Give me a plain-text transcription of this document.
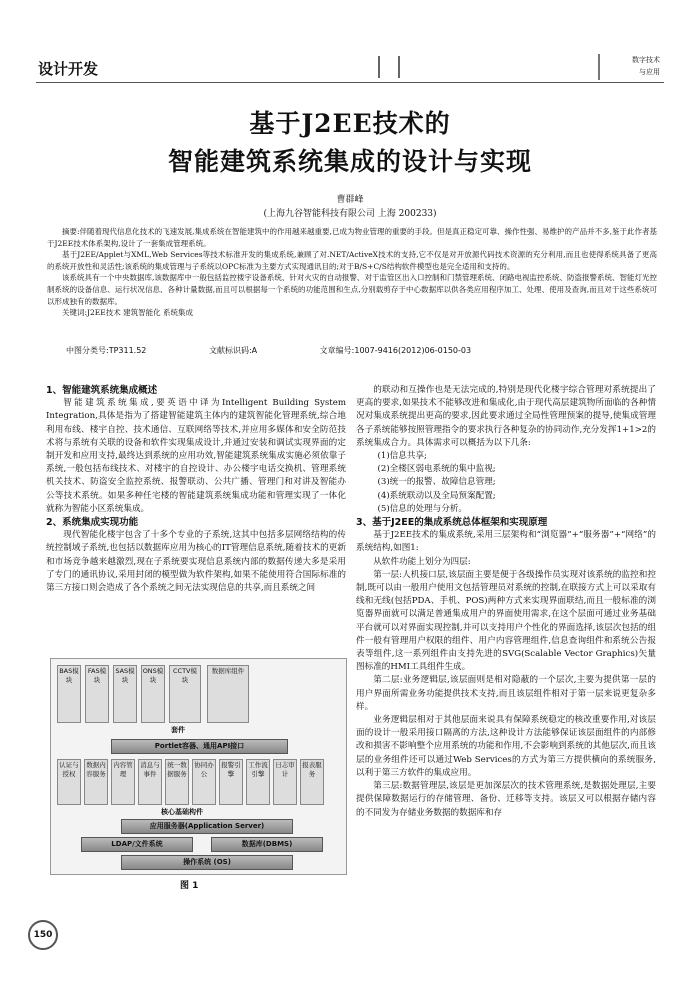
设计开发	数字技术
与应用
基于J2EE技术的
智能建筑系统集成的设计与实现
曹群峰
(上海九谷智能科技有限公司 上海 200233)

摘要:伴随着现代信息化技术的飞速发展,集成系统在智能建筑中的作用越来越重要,已成为物业管理的重要的手段。但是真正稳定可靠、操作性强、易维护的产品并不多,鉴于此作者基于J2EE技术体系架构,设计了一套集成管理系统。

基于J2EE/Applet与XML,Web Services等技术标准开发的集成系统,兼顾了对.NET/ActiveX技术的支持,它不仅是对开放源代码技术资源的充分利用,而且也使得系统具备了更高的系统开放性和灵活性;该系统的集成管理与子系统以OPC标准为主要方式实现通讯目的;对于B/S+C/S结构软件模型也是完全适用和支持的。

该系统具有一个中央数据库,该数据库中一般包括监控楼宇设备系统、针对火灾的自动报警、对于监管区出入口控制和门禁管理系统、闭路电视监控系统、防盗报警系统、智能灯光控制系统的设备信息、运行状况信息、各种计量数据,而且可以根据每一个系统的功能范围和生点,分别载剪存于中心数据库以供各类应用程序加工、处理、使用及查询,而且对于这些系统可以形成独有的数据库。

关键词:J2EE技术 建筑智能化 系统集成

中图分类号:TP311.52	文献标识码:A	文章编号:1007-9416(2012)06-0150-03

1、智能建筑系统集成概述

智能建筑系统集成,要英语中译为Intelligent Building System Integration,具体是指为了搭建智能建筑主体内的建筑智能化管理系统,综合地利用布线、楼宇自控、技术通信、互联网络等技术,并应用多媒体和安全防范技术将与系统有关联的设备和软件实现集成设计,并通过安装和调试实现界面的定制开发和应用支持,最终达到系统的应用功效,智能建筑系统集成实施必须依靠子系统,一般包括布线技术、对楼宇的自控设计、办公楼宇电话交换机、管理系统机关技术、防盗安全监控系统、报警联动、公共广播、管理门和对讲及智能办公等技术系统。如果多种任宅楼的智能建筑系统集成功能和管理实现了一体化就称为智能小区系统集成。

2、系统集成实现功能

现代智能化楼宇包含了十多个专业的子系统,这其中包括多层网络结构的传统控制域子系统,也包括以数据库应用为核心的IT管理信息系统,随着技术的更新和市场竞争越来越激烈,现在子系统要实现信息系统内部的数据传递大多是采用了专门的通讯协议,采用封闭的模型做为软件架构,如果不能使用符合国际标准的第三方接口则会造成了各个系统之间无法实现信息的共享,而且系统之间

BAS模块
FAS模块
SAS模块
ONS模块
CCTV模块
数据库组件
套件
Portlet容器、通用API接口
认证与授权
数据内容服务
内容管理
消息与事件
统一数据服务
协同办公
报警引擎
工作流引擎
日志审计
报表服务
核心基础构件
应用服务器(Application Server)
LDAP/文件系统	数据库(DBMS)
操作系统 (OS)
图 1

的联动和互操作也是无法完成的,特别是现代化楼宇综合管理对系统提出了更高的要求,如果技术不能够改进和集成化,由于现代高层建筑物所面临的各种情况对集成系统提出更高的要求,因此要求通过全局性管理预案的提导,使集成管理各子系统能够按照管理指令的要求执行各种复杂的协同动作,充分发挥1+1>2的系统集成合力。具体需求可以概括为以下几条:

(1)信息共享;

(2)全楼区弱电系统的集中监视;

(3)统一的报警、故障信息管理;

(4)系统联动以及全局预案配置;

(5)信息的处理与分析。

3、基于J2EE的集成系统总体框架和实现原理

基于J2EE技术的集成系统,采用三层架构和“浏览器”+“服务器”+“网络”的系统结构,如图1:

从软件功能上划分为四层:

第一层:人机接口层,该层面主要是便于各级操作员实现对该系统的监控和控制,既可以由一般用户使用文包括管理员对系统的控制,在联接方式上可以采取有线和无线(包括PDA、手机、POS)两种方式来实现界面联结,而且一般标准的浏览器界面就可以满足普通集成用户的界面使用需求,在这个层面可通过业务基础平台就可以对界面实现控制,并可以支持用户个性化的界面选择,该层次包括的组件一般有管理用户权限的组件、用户内容管理组件,信息查询组件和系统公告报表等组件,这一系列组件由支持先进的SVG(Scalable Vector Graphics)矢量图标准的HMI工具组件生成。

第二层:业务逻辑层,该层面则是相对隐蔽的一个层次,主要为提供第一层的用户界面所需业务功能提供技术支持,而且该层组件相对于第一层来说更复杂多样。

业务逻辑层相对于其他层面来说具有保障系统稳定的核改重要作用,对该层面的设计一般采用接口隔离的方法,这种设计方法能够保证该层面组件的内部修改和损害不影响整个应用系统的功能和作用,不会影响到系统的其他层次,而且该层的业务组件还可以通过Web Services的方式为第三方提供横向的系统服务,以利于第三方软件的集成应用。

第三层:数据管理层,该层是更加深层次的技术管理系统,是数据处理层,主要提供保障数据运行的存储管理、备份、迁移等支持。该层又可以根据存储内容的不同发为存储业务数据的数据库和存

150
